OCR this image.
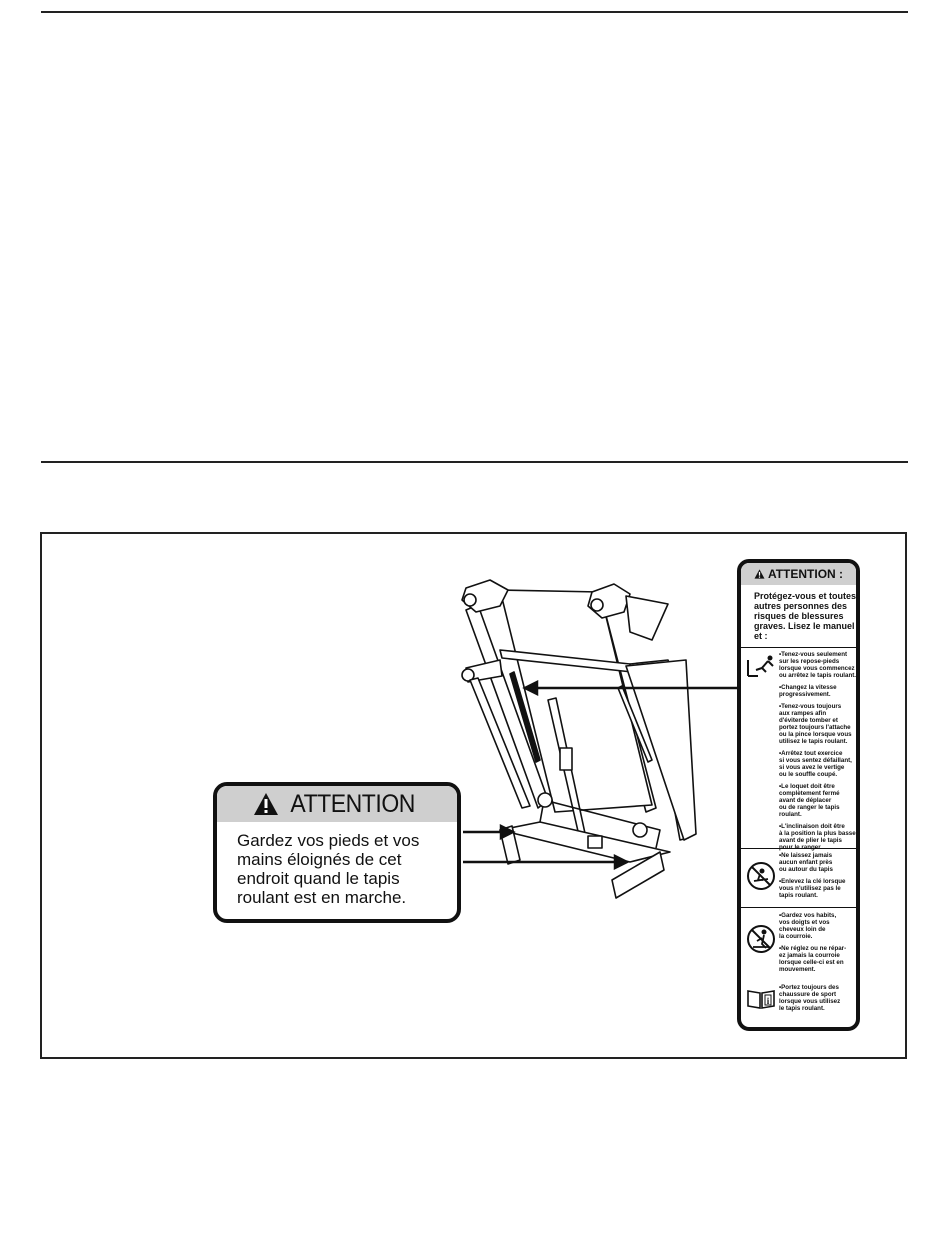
ATTENTION
Gardez vos pieds et vos
mains éloignés de cet
endroit quand le tapis
roulant est en marche.
ATTENTION :
Protégez-vous et toutes
autres personnes des
risques de blessures
graves. Lisez le manuel
et :

•Tenez-vous seulement
sur les repose-pieds
lorsque vous commencez
ou arrêtez le tapis roulant.

•Changez la vitesse
progressivement.

•Tenez-vous toujours
aux rampes afin
d'éviterde tomber et
portez toujours l'attache
ou la pince lorsque vous
utilisez le tapis roulant.

•Arrêtez tout exercice
si vous sentez défaillant,
si vous avez le vertige
ou le souffle coupé.

•Le loquet doit être
complètement fermé
avant de déplacer
ou de ranger le tapis
roulant.

•L'inclinaison doit être
à la position la plus basse
avant de plier le tapis
pour le ranger.

•Ne laissez jamais
aucun enfant près
ou autour du tapis

•Enlevez la clé lorsque
vous n'utilisez pas le
tapis roulant.

•Gardez vos habits,
vos doigts et vos
cheveux loin de
la courroie.

•Ne réglez ou ne répar-
ez jamais la courroie
lorsque celle-ci est en
mouvement.

i

•Portez toujours des
chaussure de sport
lorsque vous utilisez
le tapis roulant.
